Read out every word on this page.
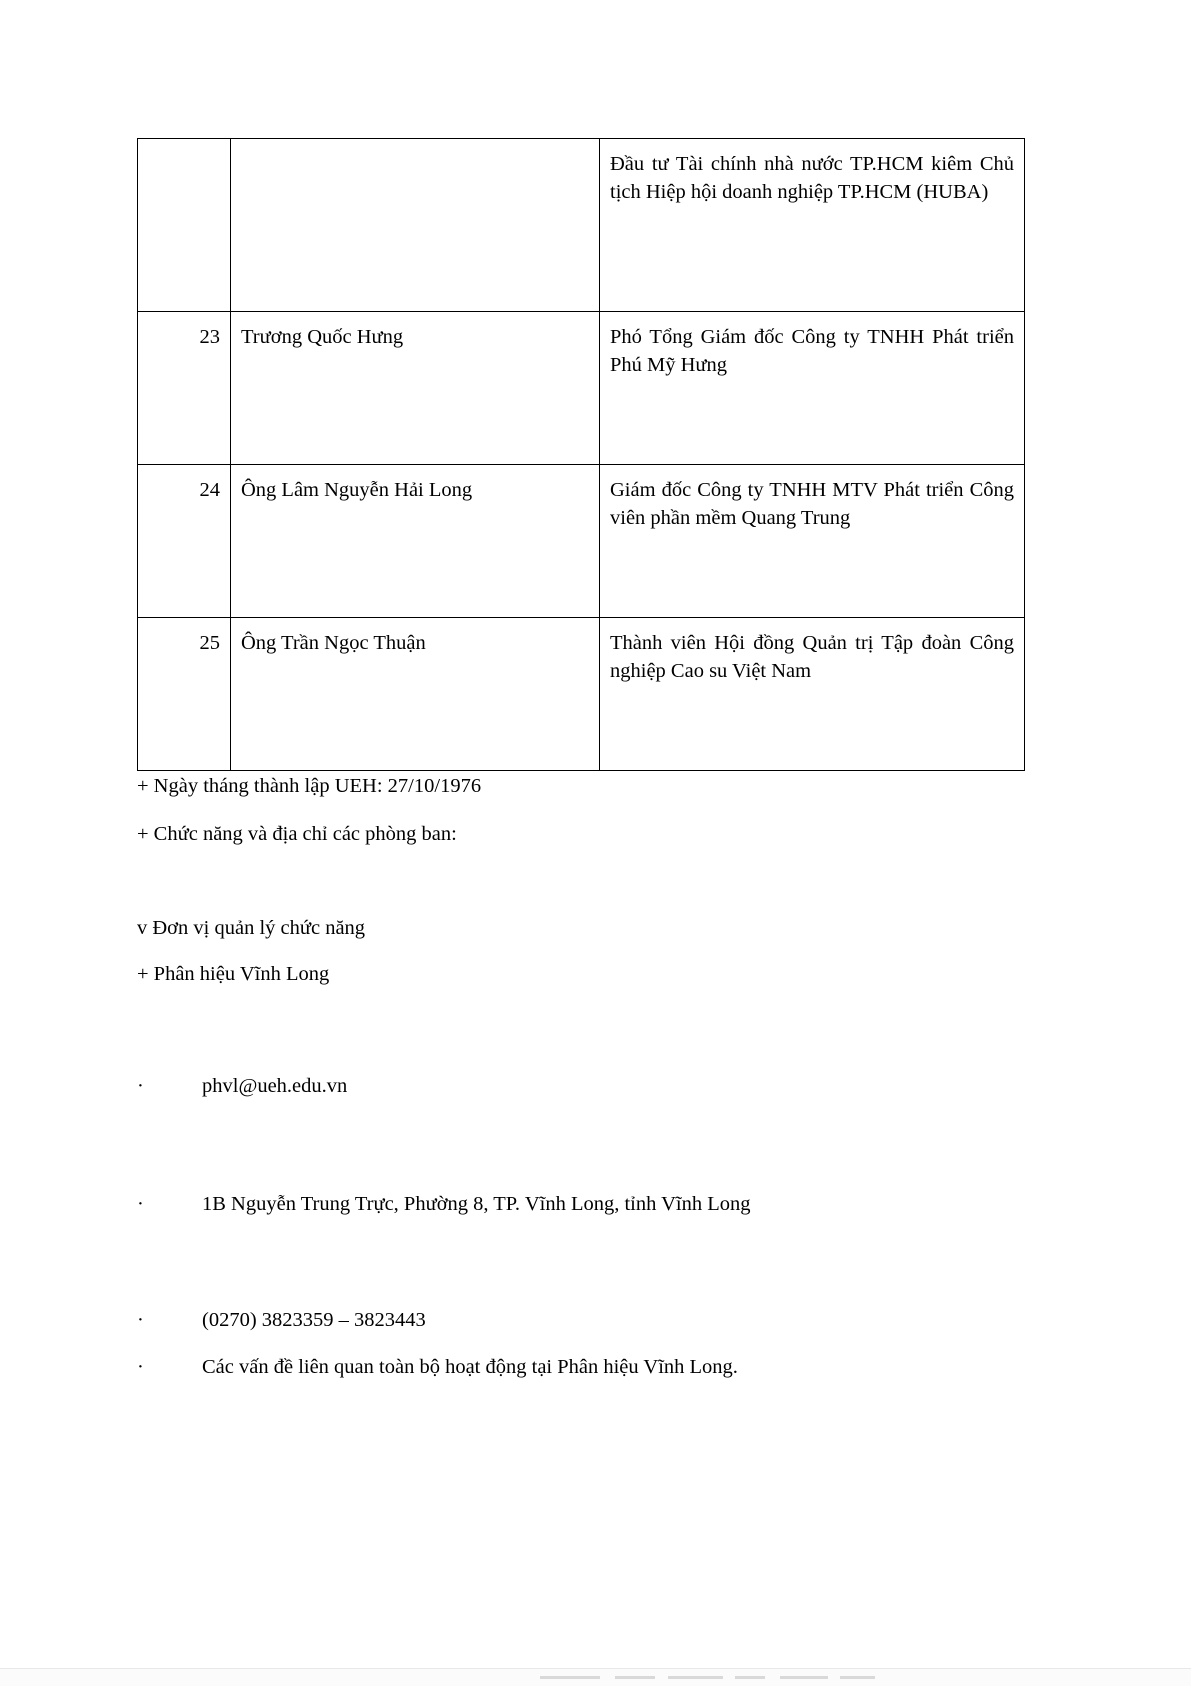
		Đầu tư Tài chính nhà nước TP.HCM kiêm Chủ tịch Hiệp hội doanh nghiệp TP.HCM (HUBA)
23	Trương Quốc Hưng	Phó Tổng Giám đốc Công ty TNHH Phát triển Phú Mỹ Hưng
24	Ông Lâm Nguyễn Hải Long	Giám đốc Công ty TNHH MTV Phát triển Công viên phần mềm Quang Trung
25	Ông Trần Ngọc Thuận	Thành viên Hội đồng Quản trị Tập đoàn Công nghiệp Cao su Việt Nam
+ Ngày tháng thành lập UEH: 27/10/1976
+ Chức năng và địa chỉ các phòng ban:
v Đơn vị quản lý chức năng
+ Phân hiệu Vĩnh Long
·	phvl@ueh.edu.vn
·	1B Nguyễn Trung Trực, Phường 8, TP. Vĩnh Long, tỉnh Vĩnh Long
·	(0270) 3823359 – 3823443
·	Các vấn đề liên quan toàn bộ hoạt động tại Phân hiệu Vĩnh Long.
